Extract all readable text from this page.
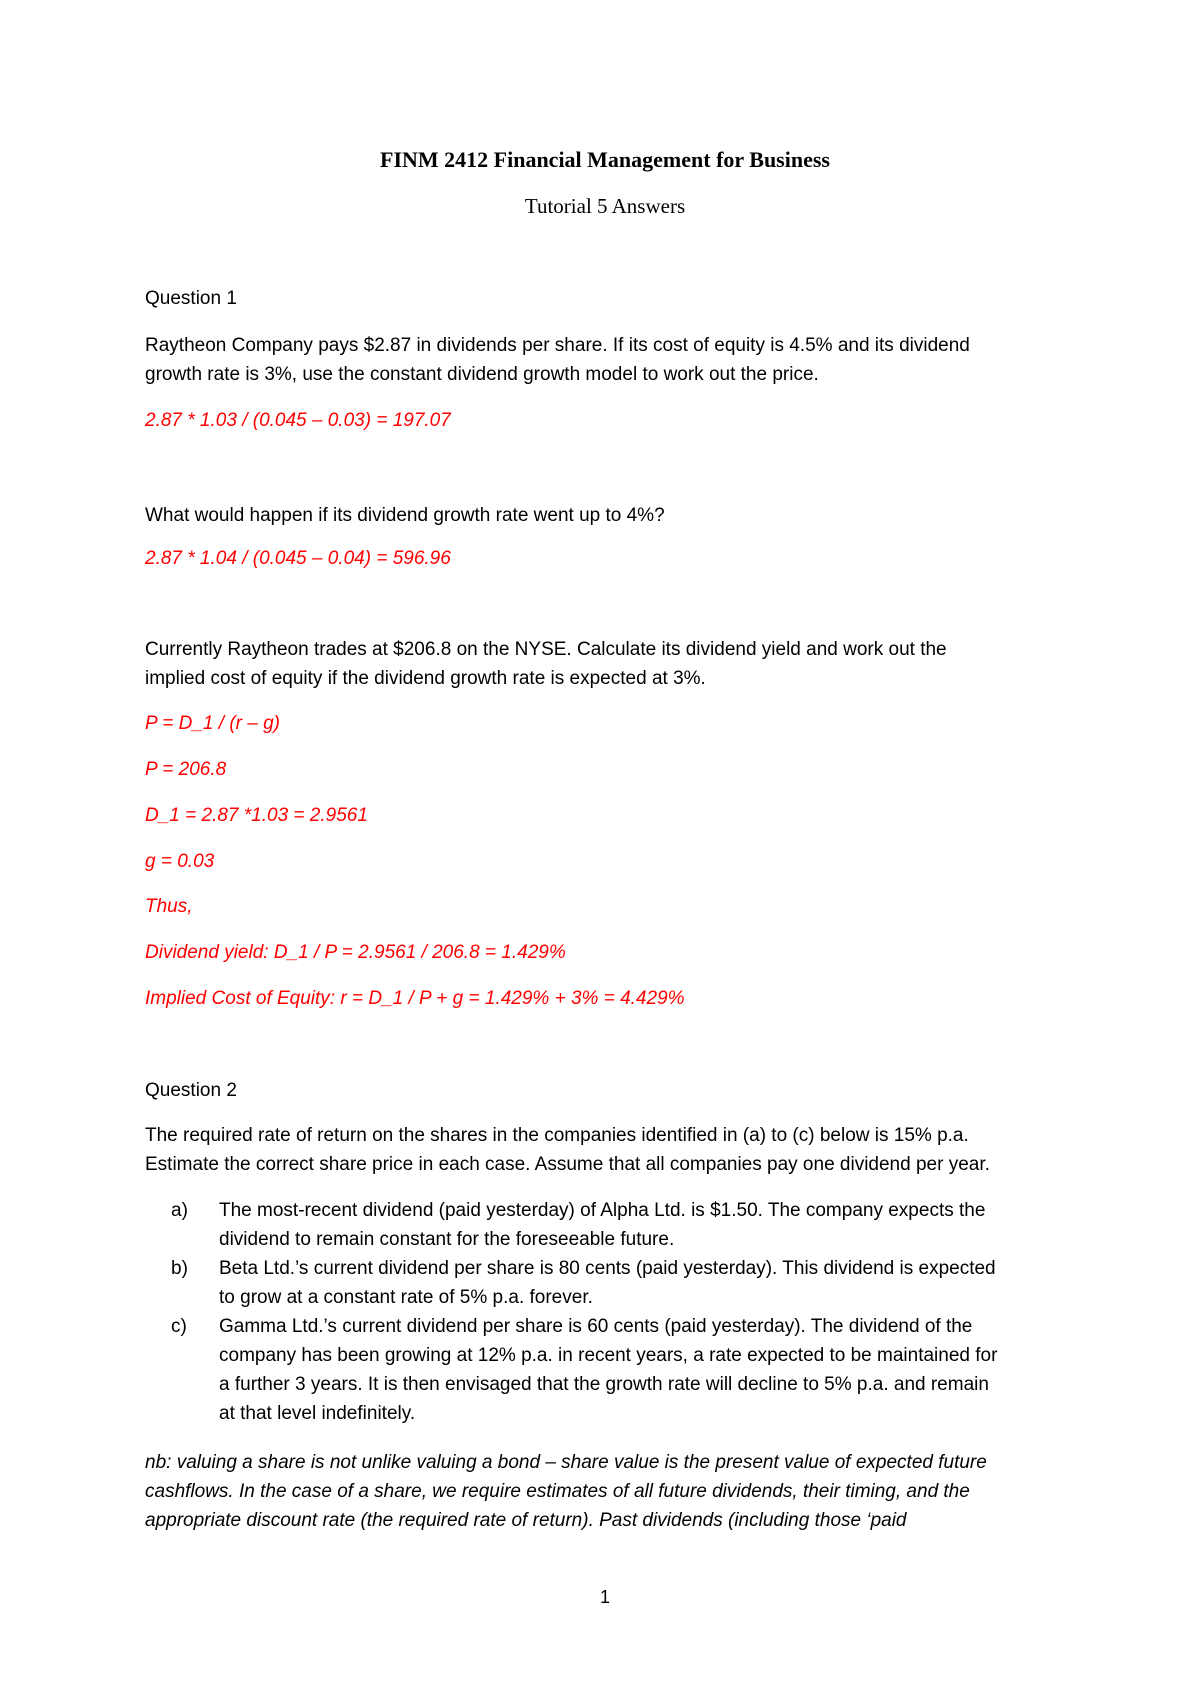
FINM 2412 Financial Management for Business
Tutorial 5 Answers
Question 1
Raytheon Company pays $2.87 in dividends per share. If its cost of equity is 4.5% and its dividend
growth rate is 3%, use the constant dividend growth model to work out the price.
2.87 * 1.03 / (0.045 – 0.03) = 197.07
What would happen if its dividend growth rate went up to 4%?
2.87 * 1.04 / (0.045 – 0.04) = 596.96
Currently Raytheon trades at $206.8 on the NYSE. Calculate its dividend yield and work out the
implied cost of equity if the dividend growth rate is expected at 3%.
P = D_1 / (r – g)
P = 206.8
D_1 = 2.87 *1.03 = 2.9561
g = 0.03
Thus,
Dividend yield: D_1 / P = 2.9561 / 206.8 = 1.429%
Implied Cost of Equity: r = D_1 / P + g = 1.429% + 3% = 4.429%
Question 2
The required rate of return on the shares in the companies identified in (a) to (c) below is 15% p.a.
Estimate the correct share price in each case. Assume that all companies pay one dividend per year.
a) The most-recent dividend (paid yesterday) of Alpha Ltd. is $1.50. The company expects the
dividend to remain constant for the foreseeable future.
b) Beta Ltd.’s current dividend per share is 80 cents (paid yesterday). This dividend is expected
to grow at a constant rate of 5% p.a. forever.
c) Gamma Ltd.’s current dividend per share is 60 cents (paid yesterday). The dividend of the
company has been growing at 12% p.a. in recent years, a rate expected to be maintained for
a further 3 years. It is then envisaged that the growth rate will decline to 5% p.a. and remain
at that level indefinitely.
nb: valuing a share is not unlike valuing a bond – share value is the present value of expected future
cashflows. In the case of a share, we require estimates of all future dividends, their timing, and the
appropriate discount rate (the required rate of return). Past dividends (including those ‘paid
1
